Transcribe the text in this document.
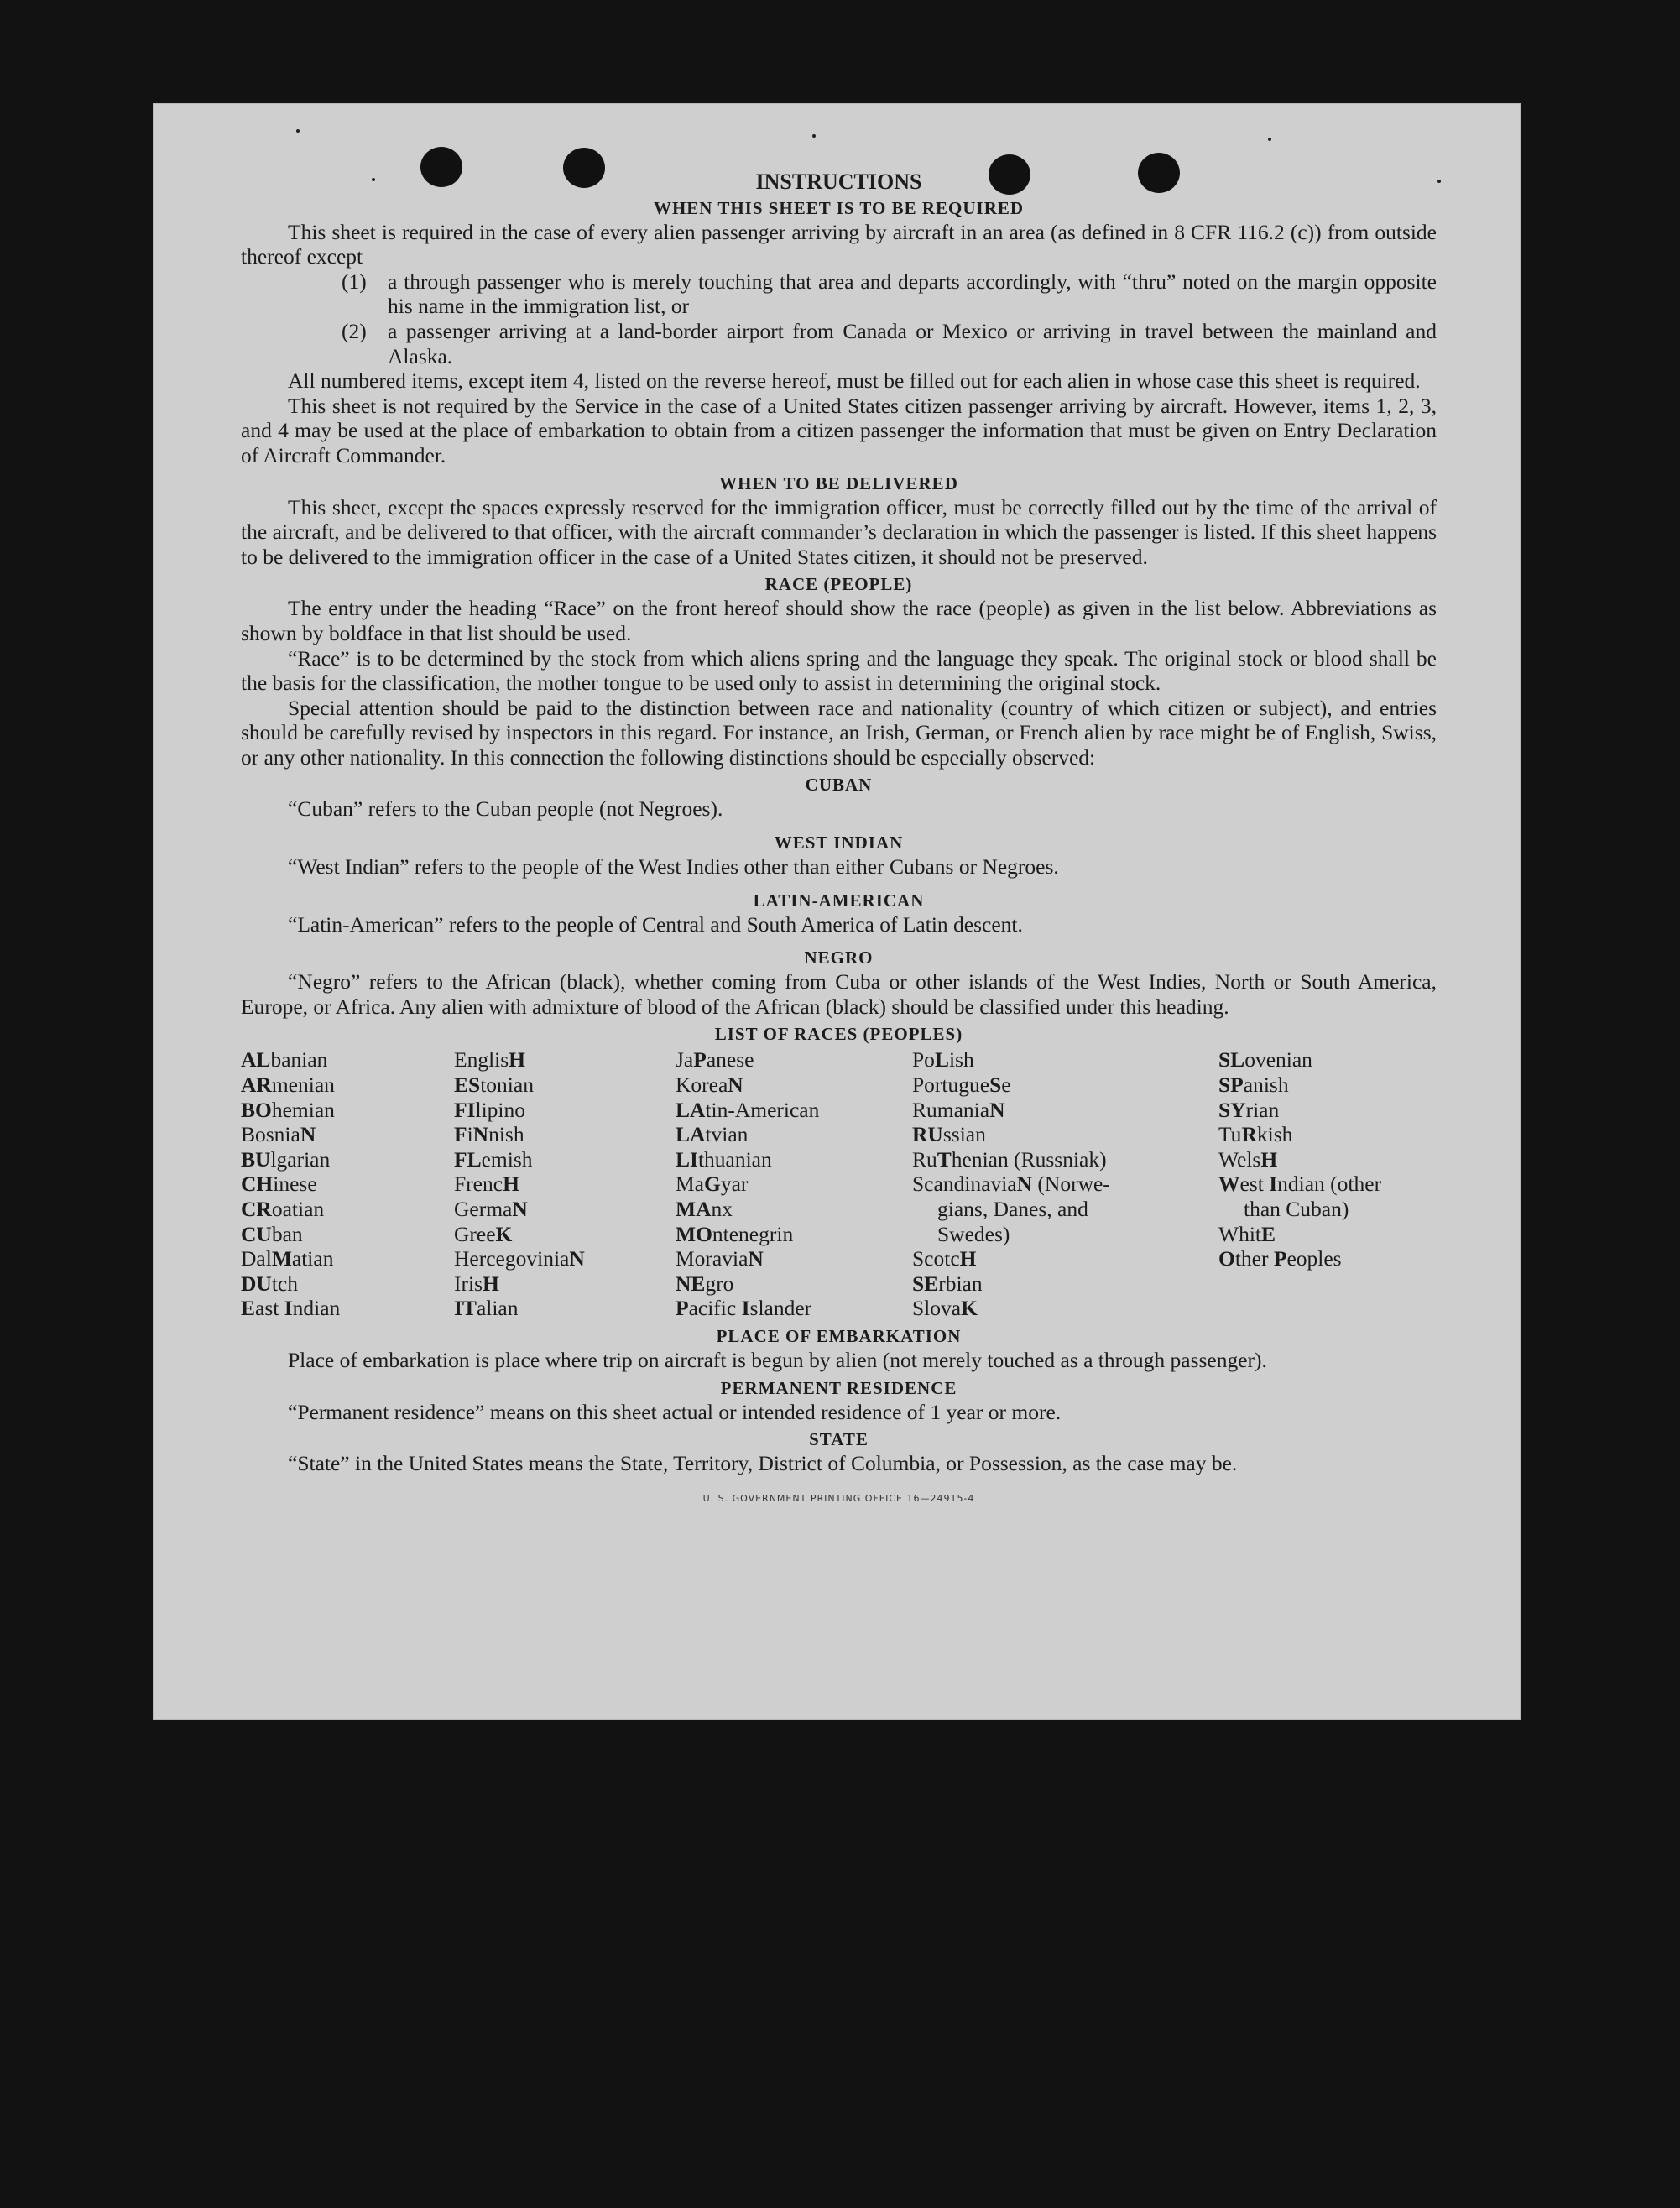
INSTRUCTIONS
WHEN THIS SHEET IS TO BE REQUIRED

This sheet is required in the case of every alien passenger arriving by aircraft in an area (as defined in 8 CFR 116.2 (c)) from outside thereof except

(1) a through passenger who is merely touching that area and departs accordingly, with “thru” noted on the margin opposite his name in the immigration list, or
(2) a passenger arriving at a land-border airport from Canada or Mexico or arriving in travel between the mainland and Alaska.

All numbered items, except item 4, listed on the reverse hereof, must be filled out for each alien in whose case this sheet is required.

This sheet is not required by the Service in the case of a United States citizen passenger arriving by aircraft. However, items 1, 2, 3, and 4 may be used at the place of embarkation to obtain from a citizen passenger the information that must be given on Entry Declaration of Aircraft Commander.

WHEN TO BE DELIVERED

This sheet, except the spaces expressly reserved for the immigration officer, must be correctly filled out by the time of the arrival of the aircraft, and be delivered to that officer, with the aircraft commander’s declaration in which the passenger is listed. If this sheet happens to be delivered to the immigration officer in the case of a United States citizen, it should not be preserved.

RACE (PEOPLE)

The entry under the heading “Race” on the front hereof should show the race (people) as given in the list below. Abbreviations as shown by boldface in that list should be used.

“Race” is to be determined by the stock from which aliens spring and the language they speak. The original stock or blood shall be the basis for the classification, the mother tongue to be used only to assist in determining the original stock.

Special attention should be paid to the distinction between race and nationality (country of which citizen or subject), and entries should be carefully revised by inspectors in this regard. For instance, an Irish, German, or French alien by race might be of English, Swiss, or any other nationality. In this connection the following distinctions should be especially observed:

CUBAN

“Cuban” refers to the Cuban people (not Negroes).

WEST INDIAN

“West Indian” refers to the people of the West Indies other than either Cubans or Negroes.

LATIN-AMERICAN

“Latin-American” refers to the people of Central and South America of Latin descent.

NEGRO

“Negro” refers to the African (black), whether coming from Cuba or other islands of the West Indies, North or South America, Europe, or Africa. Any alien with admixture of blood of the African (black) should be classified under this heading.

LIST OF RACES (PEOPLES)
ALbanian
ARmenian
BOhemian
BosniaN
BUlgarian
CHinese
CRoatian
CUban
DalMatian
DUtch
East Indian
EnglisH
EStonian
FIlipino
FiNnish
FLemish
FrencH
GermaN
GreeK
HercegoviniaN
IrisH
ITalian
JaPanese
KoreaN
LAtin-American
LAtvian
LIthuanian
MaGyar
MAnx
MOntenegrin
MoraviaN
NEgro
Pacific Islander
PoLish
PortugueSe
RumaniaN
RUssian
RuThenian (Russniak)
ScandinaviaN (Norwe-
gians, Danes, and Swedes)
ScotcH
SErbian
SlovaK
SLovenian
SPanish
SYrian
TuRkish
WelsH
West Indian (other
than Cuban)
WhitE
Other Peoples
PLACE OF EMBARKATION

Place of embarkation is place where trip on aircraft is begun by alien (not merely touched as a through passenger).

PERMANENT RESIDENCE

“Permanent residence” means on this sheet actual or intended residence of 1 year or more.

STATE

“State” in the United States means the State, Territory, District of Columbia, or Possession, as the case may be.

U. S. GOVERNMENT PRINTING OFFICE 16—24915-4
